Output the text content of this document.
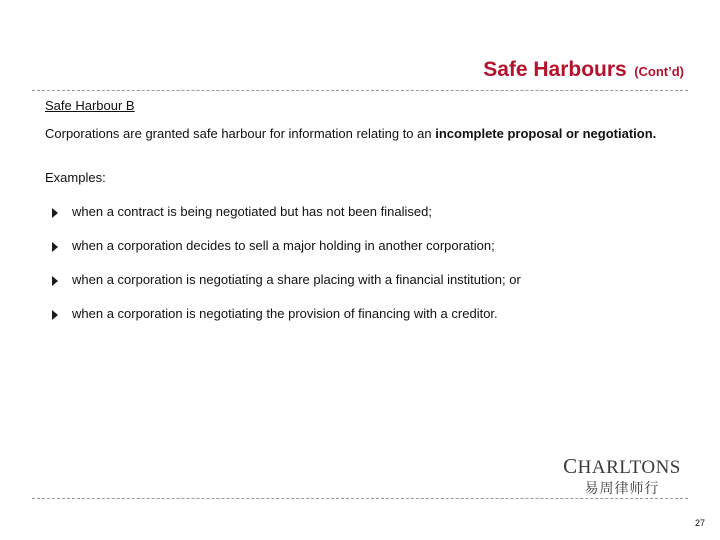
Safe Harbours (Cont’d)
Safe Harbour B
Corporations are granted safe harbour for information relating to an incomplete proposal or negotiation.
Examples:
when a contract is being negotiated but has not been finalised;
when a corporation decides to sell a major holding in another corporation;
when a corporation is negotiating a share placing with a financial institution; or
when a corporation is negotiating the provision of financing with a creditor.
CHARLTONS
易周律师行
27
